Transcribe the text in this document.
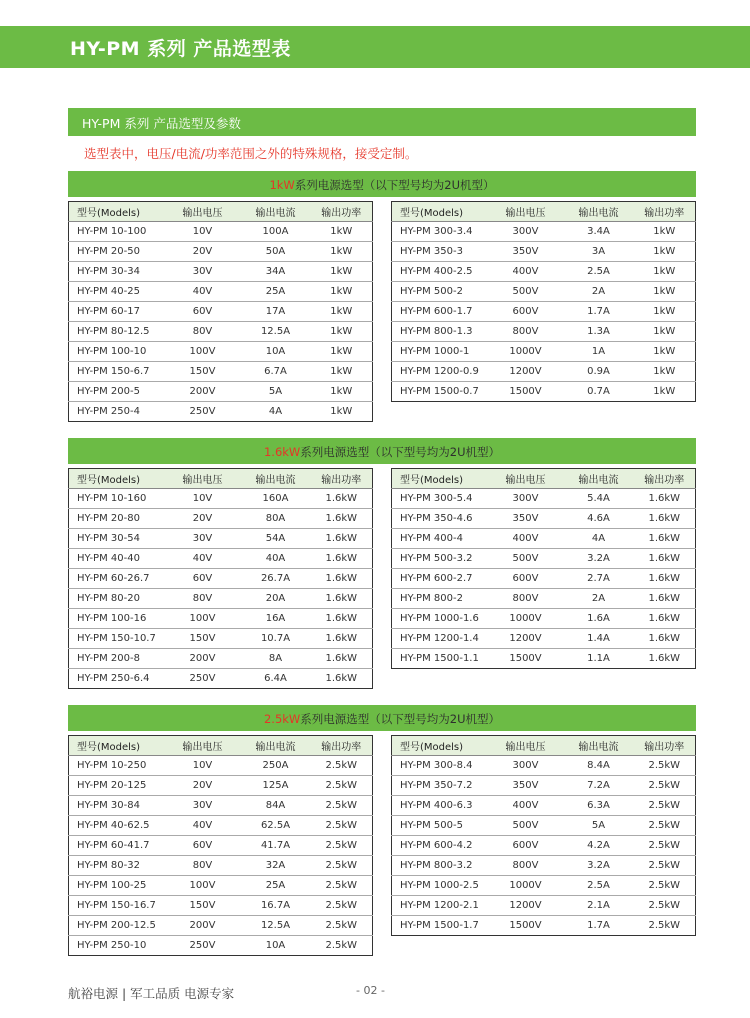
HY-PM 系列 产品选型表
HY-PM 系列 产品选型及参数
选型表中，电压/电流/功率范围之外的特殊规格，接受定制。
1kW系列电源选型（以下型号均为2U机型）
型号(Models)	输出电压	输出电流	输出功率
HY-PM 10-100	10V	100A	1kW
HY-PM 20-50	20V	50A	1kW
HY-PM 30-34	30V	34A	1kW
HY-PM 40-25	40V	25A	1kW
HY-PM 60-17	60V	17A	1kW
HY-PM 80-12.5	80V	12.5A	1kW
HY-PM 100-10	100V	10A	1kW
HY-PM 150-6.7	150V	6.7A	1kW
HY-PM 200-5	200V	5A	1kW
HY-PM 250-4	250V	4A	1kW
型号(Models)	输出电压	输出电流	输出功率
HY-PM 300-3.4	300V	3.4A	1kW
HY-PM 350-3	350V	3A	1kW
HY-PM 400-2.5	400V	2.5A	1kW
HY-PM 500-2	500V	2A	1kW
HY-PM 600-1.7	600V	1.7A	1kW
HY-PM 800-1.3	800V	1.3A	1kW
HY-PM 1000-1	1000V	1A	1kW
HY-PM 1200-0.9	1200V	0.9A	1kW
HY-PM 1500-0.7	1500V	0.7A	1kW
1.6kW系列电源选型（以下型号均为2U机型）
型号(Models)	输出电压	输出电流	输出功率
HY-PM 10-160	10V	160A	1.6kW
HY-PM 20-80	20V	80A	1.6kW
HY-PM 30-54	30V	54A	1.6kW
HY-PM 40-40	40V	40A	1.6kW
HY-PM 60-26.7	60V	26.7A	1.6kW
HY-PM 80-20	80V	20A	1.6kW
HY-PM 100-16	100V	16A	1.6kW
HY-PM 150-10.7	150V	10.7A	1.6kW
HY-PM 200-8	200V	8A	1.6kW
HY-PM 250-6.4	250V	6.4A	1.6kW
型号(Models)	输出电压	输出电流	输出功率
HY-PM 300-5.4	300V	5.4A	1.6kW
HY-PM 350-4.6	350V	4.6A	1.6kW
HY-PM 400-4	400V	4A	1.6kW
HY-PM 500-3.2	500V	3.2A	1.6kW
HY-PM 600-2.7	600V	2.7A	1.6kW
HY-PM 800-2	800V	2A	1.6kW
HY-PM 1000-1.6	1000V	1.6A	1.6kW
HY-PM 1200-1.4	1200V	1.4A	1.6kW
HY-PM 1500-1.1	1500V	1.1A	1.6kW
2.5kW系列电源选型（以下型号均为2U机型）
型号(Models)	输出电压	输出电流	输出功率
HY-PM 10-250	10V	250A	2.5kW
HY-PM 20-125	20V	125A	2.5kW
HY-PM 30-84	30V	84A	2.5kW
HY-PM 40-62.5	40V	62.5A	2.5kW
HY-PM 60-41.7	60V	41.7A	2.5kW
HY-PM 80-32	80V	32A	2.5kW
HY-PM 100-25	100V	25A	2.5kW
HY-PM 150-16.7	150V	16.7A	2.5kW
HY-PM 200-12.5	200V	12.5A	2.5kW
HY-PM 250-10	250V	10A	2.5kW
型号(Models)	输出电压	输出电流	输出功率
HY-PM 300-8.4	300V	8.4A	2.5kW
HY-PM 350-7.2	350V	7.2A	2.5kW
HY-PM 400-6.3	400V	6.3A	2.5kW
HY-PM 500-5	500V	5A	2.5kW
HY-PM 600-4.2	600V	4.2A	2.5kW
HY-PM 800-3.2	800V	3.2A	2.5kW
HY-PM 1000-2.5	1000V	2.5A	2.5kW
HY-PM 1200-2.1	1200V	2.1A	2.5kW
HY-PM 1500-1.7	1500V	1.7A	2.5kW
航裕电源 | 军工品质 电源专家	- 02 -
